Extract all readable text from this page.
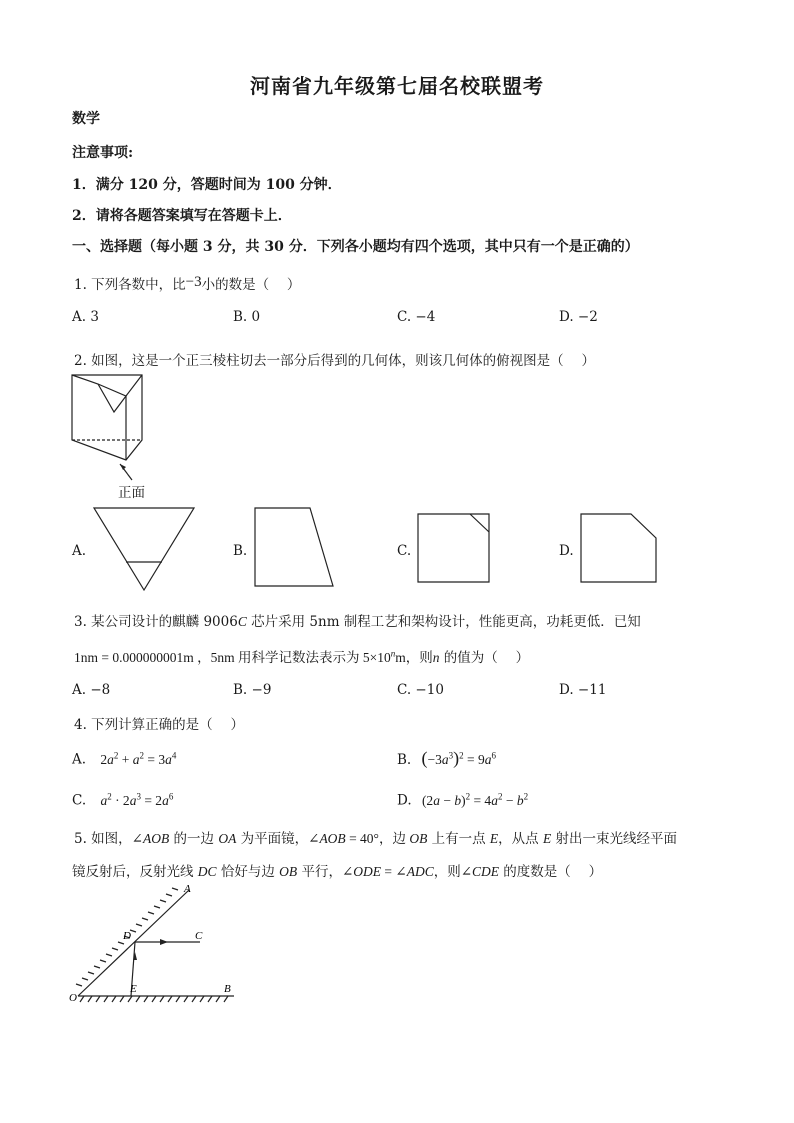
河南省九年级第七届名校联盟考
数学
注意事项:
1．满分 120 分，答题时间为 100 分钟．
2．请将各题答案填写在答题卡上．
一、选择题（每小题 3 分，共 30 分．下列各小题均有四个选项，其中只有一个是正确的）
1. 下列各数中，比−3小的数是（　 ）
A. 3	B. 0	C. −4	D. −2
2. 如图，这是一个正三棱柱切去一部分后得到的几何体，则该几何体的俯视图是（　 ）
正面
A.	B.	C.	D.
3. 某公司设计的麒麟 9006C 芯片采用 5nm 制程工艺和架构设计，性能更高，功耗更低．已知
1nm = 0.000000001m ，5nm 用科学记数法表示为 $5\times 10^nm$，则n 的值为（　 ）
A. −8	B. −9	C. −10	D. −11
4. 下列计算正确的是（　 ）
A. $2a^2 + a^2 = 3a^4$	B. $(-3a^3)^2 = 9a^6$
C. $a^2 \cdot 2a^3 = 2a^6$	D. $(2a - b)^2 = 4a^2 - b^2$
5. 如图，∠AOB 的一边 OA 为平面镜，∠AOB = 40°，边 OB 上有一点 E，从点 E 射出一束光线经平面
镜反射后，反射光线 DC 恰好与边 OB 平行，∠ODE = ∠ADC，则∠CDE 的度数是（　 ）
A
D	C
O
E	B
